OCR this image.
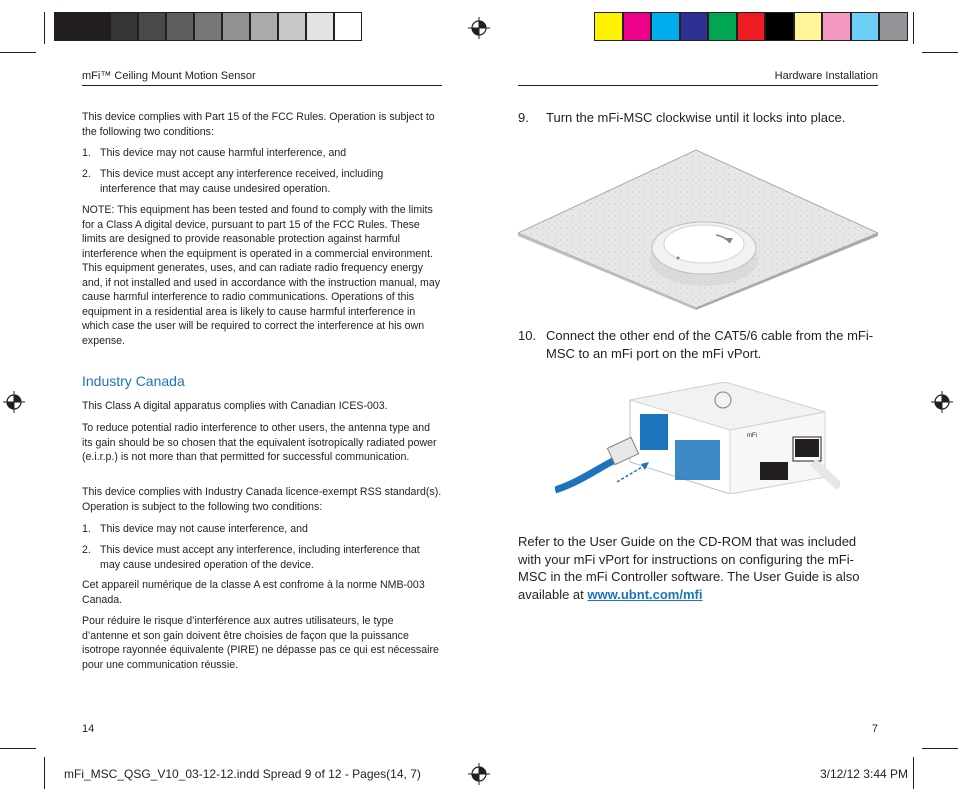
mFi™ Ceiling Mount Motion Sensor	Hardware Installation
This device complies with Part 15 of the FCC Rules. Operation is subject to the following two conditions:
1. This device may not cause harmful interference, and
2. This device must accept any interference received, including interference that may cause undesired operation.
NOTE: This equipment has been tested and found to comply with the limits for a Class A digital device, pursuant to part 15 of the FCC Rules. These limits are designed to provide reasonable protection against harmful interference when the equipment is operated in a commercial environment. This equipment generates, uses, and can radiate radio frequency energy and, if not installed and used in accordance with the instruction manual, may cause harmful interference to radio communications. Operations of this equipment in a residential area is likely to cause harmful interference in which case the user will be required to correct the interference at his own expense.
Industry Canada
This Class A digital apparatus complies with Canadian ICES-003.
To reduce potential radio interference to other users, the antenna type and its gain should be so chosen that the equivalent isotropically radiated power (e.i.r.p.) is not more than that permitted for successful communication.
This device complies with Industry Canada licence-exempt RSS standard(s). Operation is subject to the following two conditions:
1. This device may not cause interference, and
2. This device must accept any interference, including interference that may cause undesired operation of the device.
Cet appareil numérique de la classe A est confrome à la norme NMB-003 Canada.
Pour réduire le risque d’interférence aux autres utilisateurs, le type d’antenne et son gain doivent être choisies de façon que la puissance isotrope rayonnée équivalente (PIRE) ne dépasse pas ce qui est nécessaire pour une communication réussie.
14
9. Turn the mFi-MSC clockwise until it locks into place.
10. Connect the other end of the CAT5/6 cable from the mFi-MSC to an mFi port on the mFi vPort.
mFi
Refer to the User Guide on the CD-ROM that was included with your mFi vPort for instructions on configuring the mFi-MSC in the mFi Controller software. The User Guide is also available at www.ubnt.com/mfi
7
mFi_MSC_QSG_V10_03-12-12.indd Spread 9 of 12 - Pages(14, 7)	3/12/12 3:44 PM
